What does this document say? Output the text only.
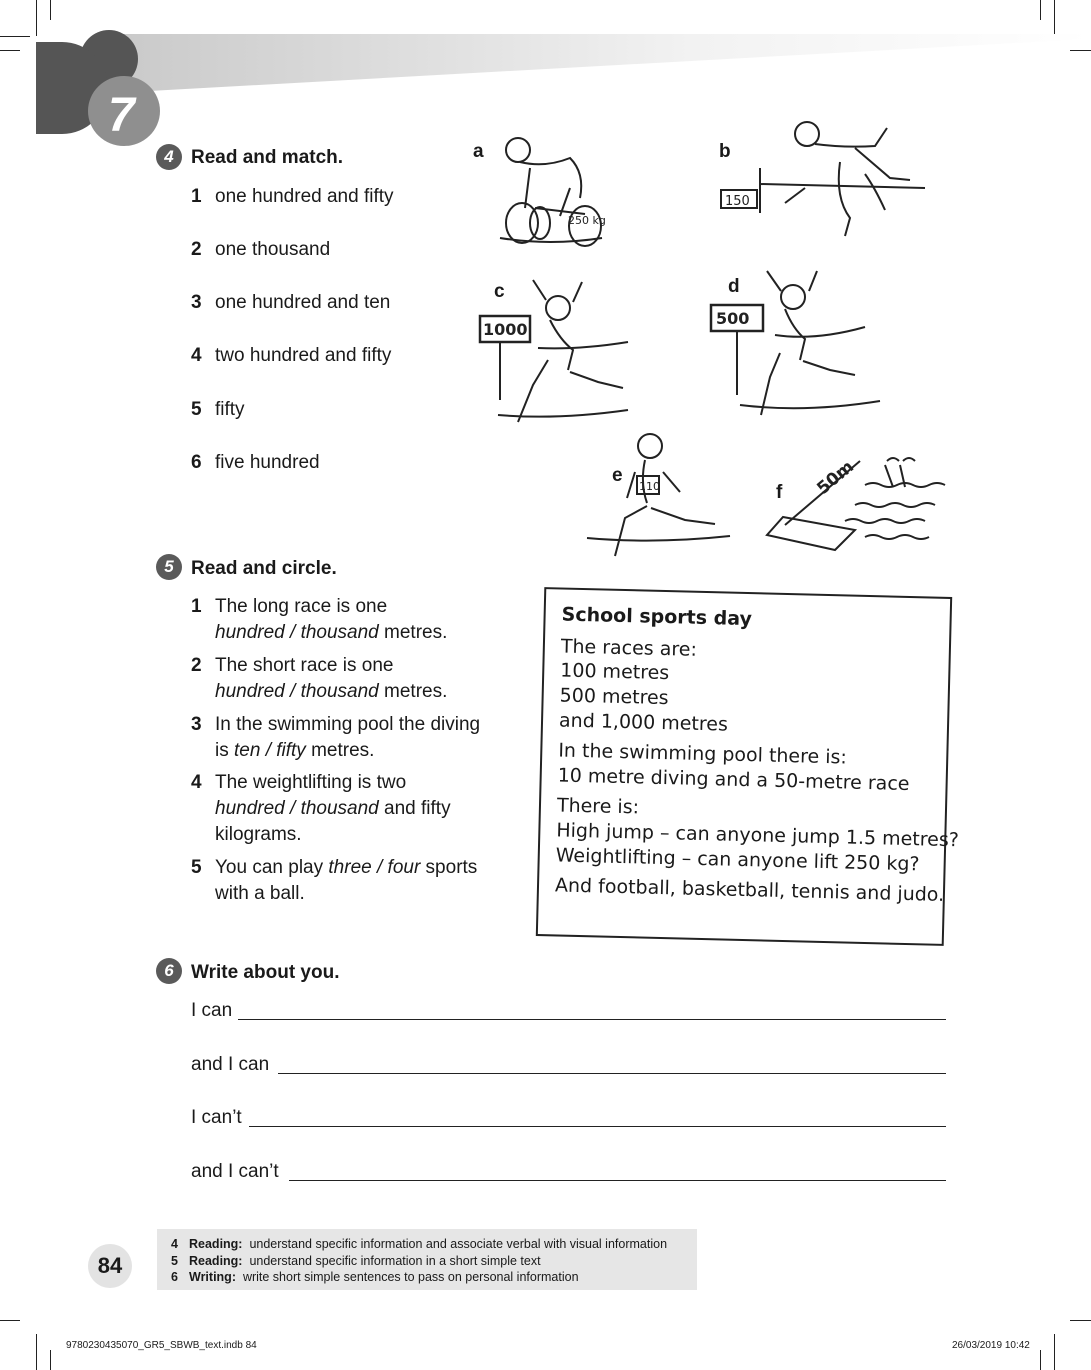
7
4 Read and match.
1 one hundred and fifty
2 one thousand
3 one hundred and ten
4 two hundred and fifty
5 fifty
6 five hundred
a
250 kg
b
150
c
1000
d
500
e
110	f 50m
5 Read and circle.
1 The long race is one
hundred / thousand metres.
2 The short race is one
hundred / thousand metres.
3 In the swimming pool the diving
is ten / fifty metres.
4 The weightlifting is two
hundred / thousand and fifty
kilograms.
5 You can play three / four sports
with a ball.
School sports day
The races are:
100 metres
500 metres
and 1,000 metres
In the swimming pool there is:
10 metre diving and a 50-metre race
There is:
High jump – can anyone jump 1.5 metres?
Weightlifting – can anyone lift 250 kg?
And football, basketball, tennis and judo.
6 Write about you.
I can
and I can
I can’t
and I can’t
84
4 Reading: understand specific information and associate verbal with visual information
5 Reading: understand specific information in a short simple text
6 Writing: write short simple sentences to pass on personal information
9780230435070_GR5_SBWB_text.indb 84	26/03/2019 10:42
